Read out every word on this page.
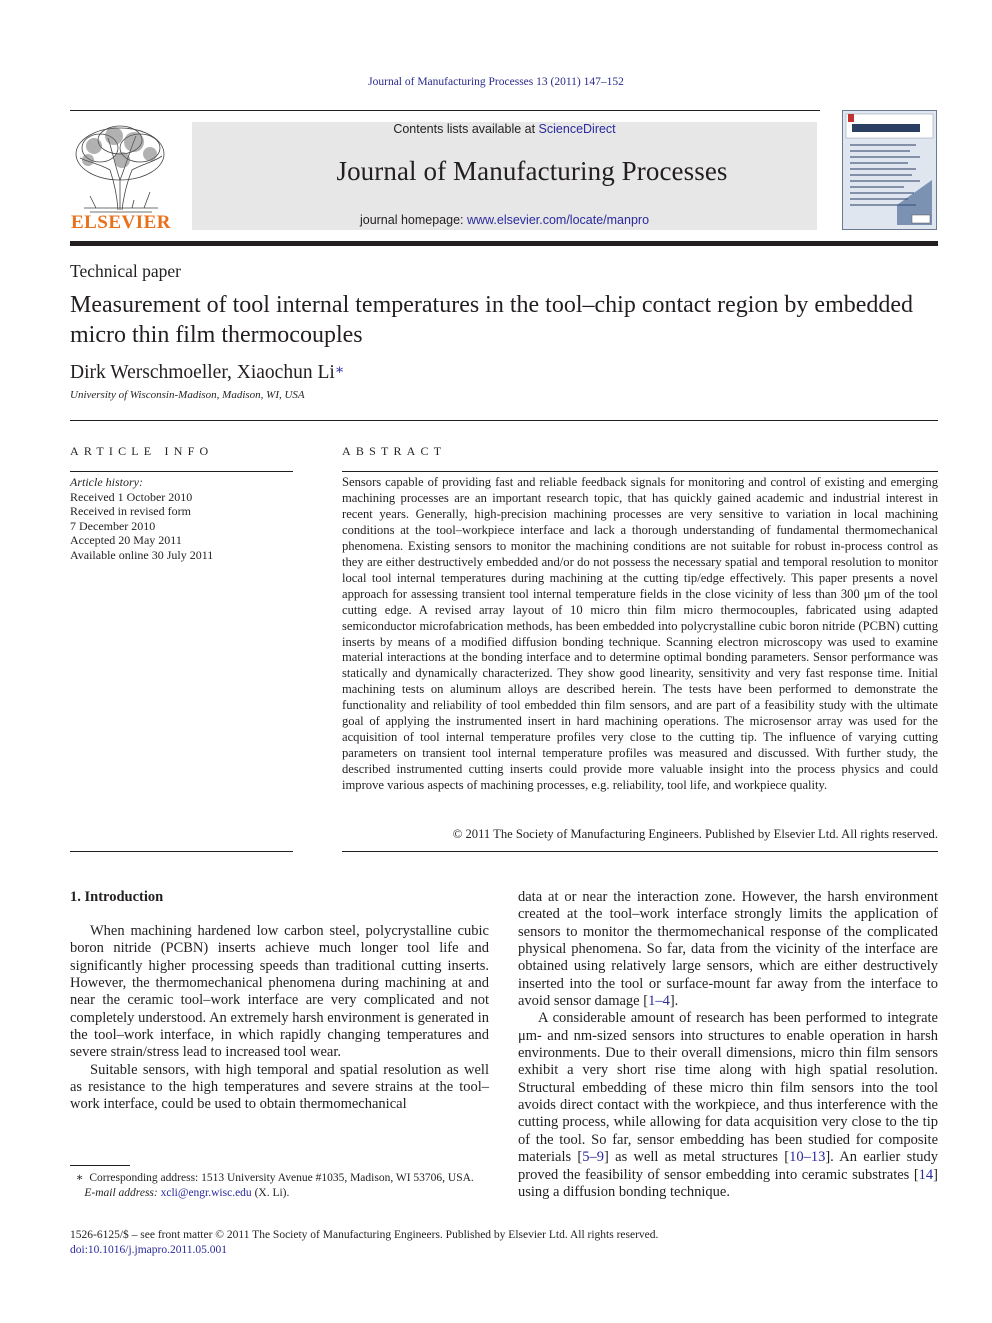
Journal of Manufacturing Processes 13 (2011) 147–152
ELSEVIER
Contents lists available at ScienceDirect
Journal of Manufacturing Processes
journal homepage: www.elsevier.com/locate/manpro
Technical paper
Measurement of tool internal temperatures in the tool–chip contact region by embedded micro thin film thermocouples
Dirk Werschmoeller, Xiaochun Li∗
University of Wisconsin-Madison, Madison, WI, USA
ARTICLE INFO	ABSTRACT
Article history:
Received 1 October 2010
Received in revised form
7 December 2010
Accepted 20 May 2011
Available online 30 July 2011
Sensors capable of providing fast and reliable feedback signals for monitoring and control of existing and emerging machining processes are an important research topic, that has quickly gained academic and industrial interest in recent years. Generally, high-precision machining processes are very sensitive to variation in local machining conditions at the tool–workpiece interface and lack a thorough understanding of fundamental thermomechanical phenomena. Existing sensors to monitor the machining conditions are not suitable for robust in-process control as they are either destructively embedded and/or do not possess the necessary spatial and temporal resolution to monitor local tool internal temperatures during machining at the cutting tip/edge effectively. This paper presents a novel approach for assessing transient tool internal temperature fields in the close vicinity of less than 300 μm of the tool cutting edge. A revised array layout of 10 micro thin film micro thermocouples, fabricated using adapted semiconductor microfabrication methods, has been embedded into polycrystalline cubic boron nitride (PCBN) cutting inserts by means of a modified diffusion bonding technique. Scanning electron microscopy was used to examine material interactions at the bonding interface and to determine optimal bonding parameters. Sensor performance was statically and dynamically characterized. They show good linearity, sensitivity and very fast response time. Initial machining tests on aluminum alloys are described herein. The tests have been performed to demonstrate the functionality and reliability of tool embedded thin film sensors, and are part of a feasibility study with the ultimate goal of applying the instrumented insert in hard machining operations. The microsensor array was used for the acquisition of tool internal temperature profiles very close to the cutting tip. The influence of varying cutting parameters on transient tool internal temperature profiles was measured and discussed. With further study, the described instrumented cutting inserts could provide more valuable insight into the process physics and could improve various aspects of machining processes, e.g. reliability, tool life, and workpiece quality.
© 2011 The Society of Manufacturing Engineers. Published by Elsevier Ltd. All rights reserved.
1. Introduction

When machining hardened low carbon steel, polycrystalline cubic boron nitride (PCBN) inserts achieve much longer tool life and significantly higher processing speeds than traditional cutting inserts. However, the thermomechanical phenomena during machining at and near the ceramic tool–work interface are very complicated and not completely understood. An extremely harsh environment is generated in the tool–work interface, in which rapidly changing temperatures and severe strain/stress lead to increased tool wear.

Suitable sensors, with high temporal and spatial resolution as well as resistance to the high temperatures and severe strains at the tool–work interface, could be used to obtain thermomechanical

data at or near the interaction zone. However, the harsh environment created at the tool–work interface strongly limits the application of sensors to monitor the thermomechanical response of the complicated physical phenomena. So far, data from the vicinity of the interface are obtained using relatively large sensors, which are either destructively inserted into the tool or surface-mount far away from the interface to avoid sensor damage [1–4].

A considerable amount of research has been performed to integrate μm- and nm-sized sensors into structures to enable operation in harsh environments. Due to their overall dimensions, micro thin film sensors exhibit a very short rise time along with high spatial resolution. Structural embedding of these micro thin film sensors into the tool avoids direct contact with the workpiece, and thus interference with the cutting process, while allowing for data acquisition very close to the tip of the tool. So far, sensor embedding has been studied for composite materials [5–9] as well as metal structures [10–13]. An earlier study proved the feasibility of sensor embedding into ceramic substrates [14] using a diffusion bonding technique.

∗ Corresponding address: 1513 University Avenue #1035, Madison, WI 53706, USA.
E-mail address: xcli@engr.wisc.edu (X. Li).
1526-6125/$ – see front matter © 2011 The Society of Manufacturing Engineers. Published by Elsevier Ltd. All rights reserved.
doi:10.1016/j.jmapro.2011.05.001
